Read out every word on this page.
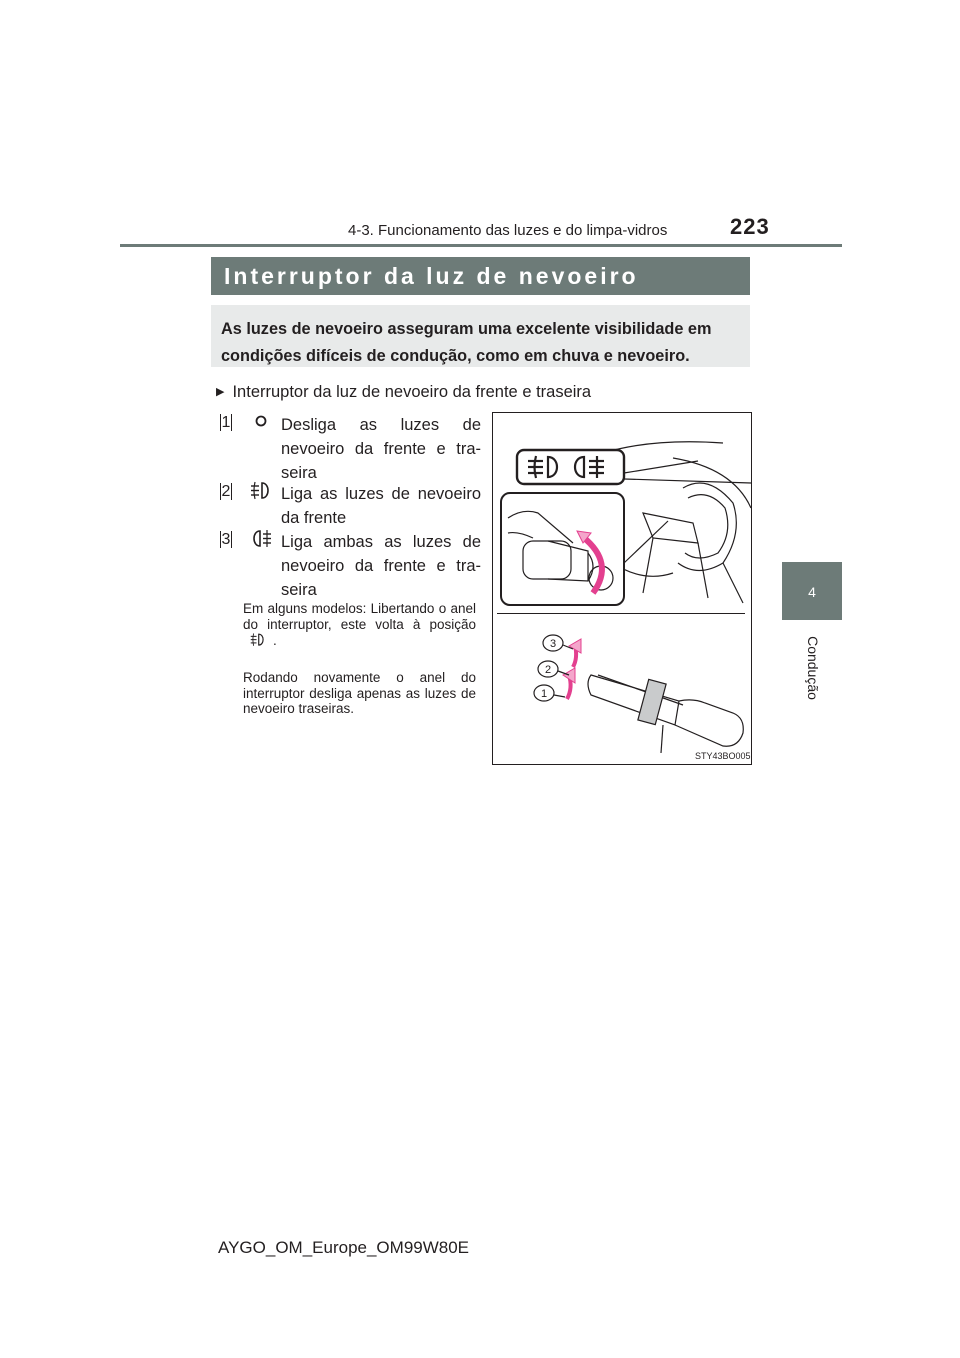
4-3. Funcionamento das luzes e do limpa-vidros	223
4
Condução
Interruptor da luz de nevoeiro
As luzes de nevoeiro asseguram uma excelente visibilidade em condições difíceis de condução, como em chuva e nevoeiro.
▶ Interruptor da luz de nevoeiro da frente e traseira
1	Desliga as luzes de nevoeiro da frente e tra-seira
2	Liga as luzes de nevoeiro da frente
3	Liga ambas as luzes de nevoeiro da frente e tra-seira
Em alguns modelos: Libertando o anel do interruptor, este volta à posição.
Rodando novamente o anel do interruptor desliga apenas as luzes de nevoeiro traseiras.
3
2
1
STY43BO005
AYGO_OM_Europe_OM99W80E
